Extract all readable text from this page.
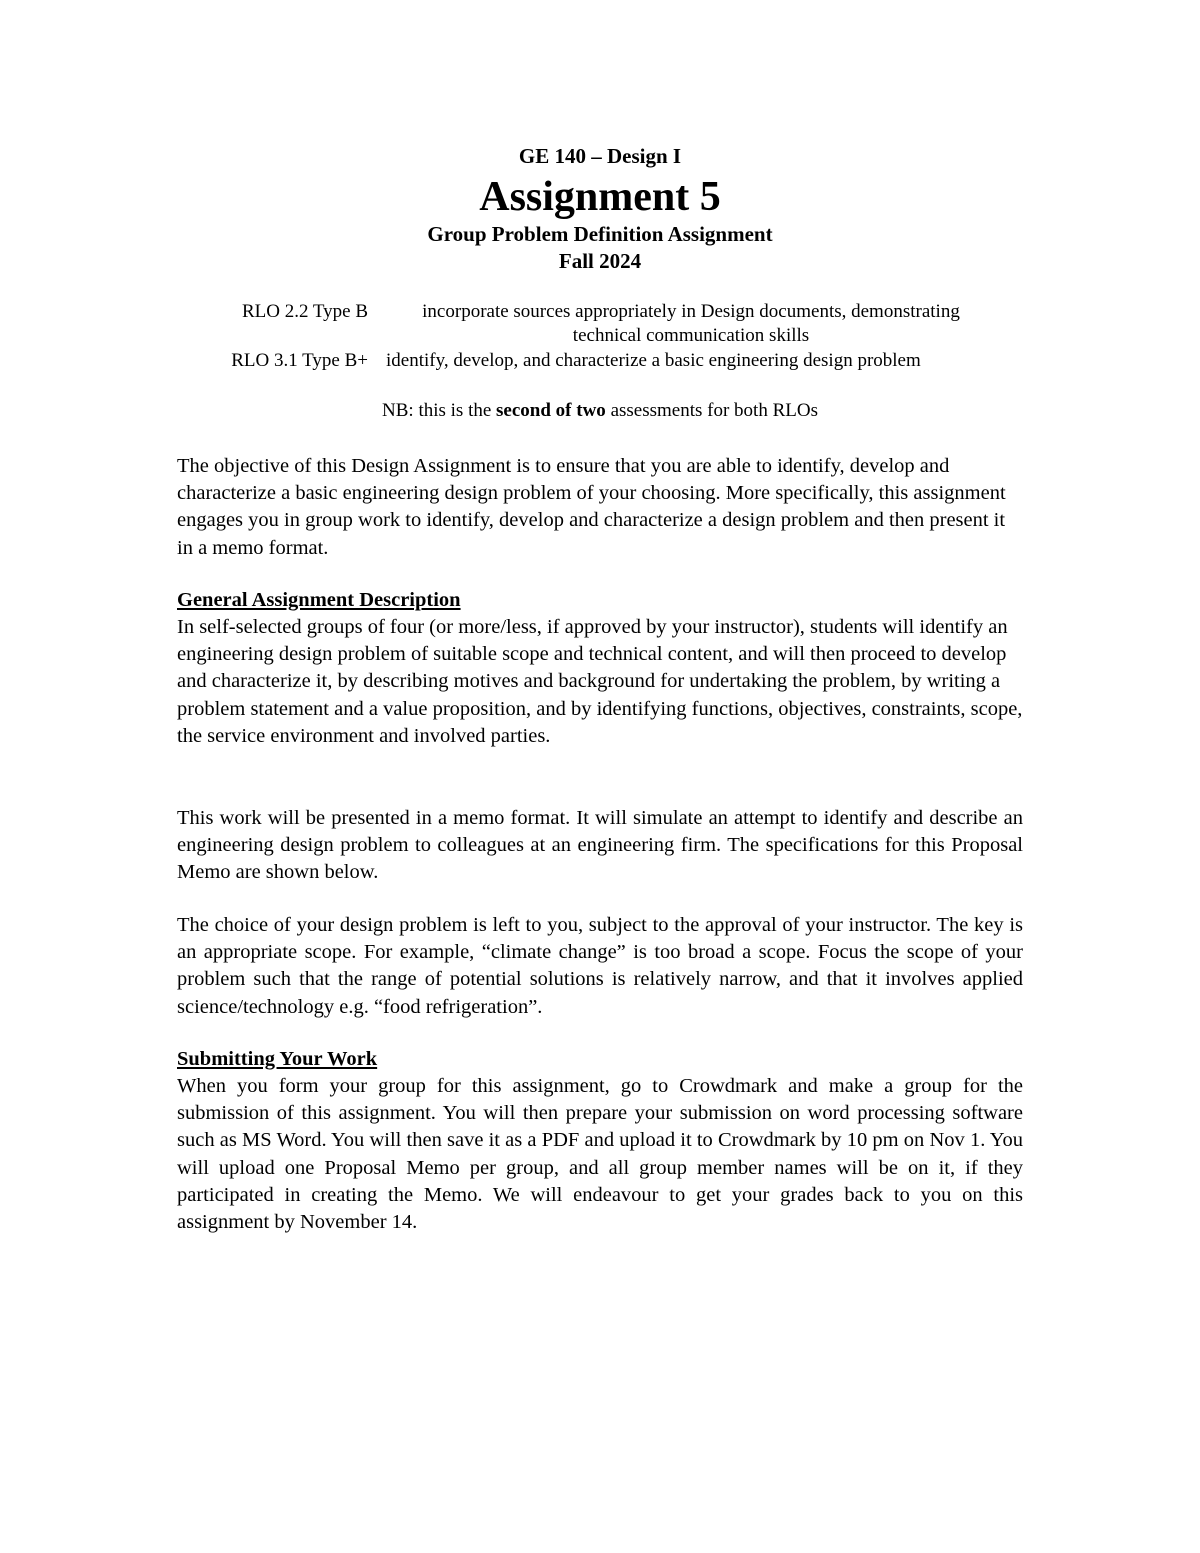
GE 140 – Design I
Assignment 5
Group Problem Definition Assignment
Fall 2024
RLO 2.2 Type B	incorporate sources appropriately in Design documents, demonstrating technical communication skills
RLO 3.1 Type B+ identify, develop, and characterize a basic engineering design problem
NB: this is the second of two assessments for both RLOs
The objective of this Design Assignment is to ensure that you are able to identify, develop and characterize a basic engineering design problem of your choosing. More specifically, this assignment engages you in group work to identify, develop and characterize a design problem and then present it in a memo format.
General Assignment Description
In self-selected groups of four (or more/less, if approved by your instructor), students will identify an engineering design problem of suitable scope and technical content, and will then proceed to develop and characterize it, by describing motives and background for undertaking the problem, by writing a problem statement and a value proposition, and by identifying functions, objectives, constraints, scope, the service environment and involved parties.
This work will be presented in a memo format. It will simulate an attempt to identify and describe an engineering design problem to colleagues at an engineering firm. The specifications for this Proposal Memo are shown below.
The choice of your design problem is left to you, subject to the approval of your instructor. The key is an appropriate scope. For example, “climate change” is too broad a scope. Focus the scope of your problem such that the range of potential solutions is relatively narrow, and that it involves applied science/technology e.g. “food refrigeration”.
Submitting Your Work
When you form your group for this assignment, go to Crowdmark and make a group for the submission of this assignment. You will then prepare your submission on word processing software such as MS Word. You will then save it as a PDF and upload it to Crowdmark by 10 pm on Nov 1. You will upload one Proposal Memo per group, and all group member names will be on it, if they participated in creating the Memo. We will endeavour to get your grades back to you on this assignment by November 14.
